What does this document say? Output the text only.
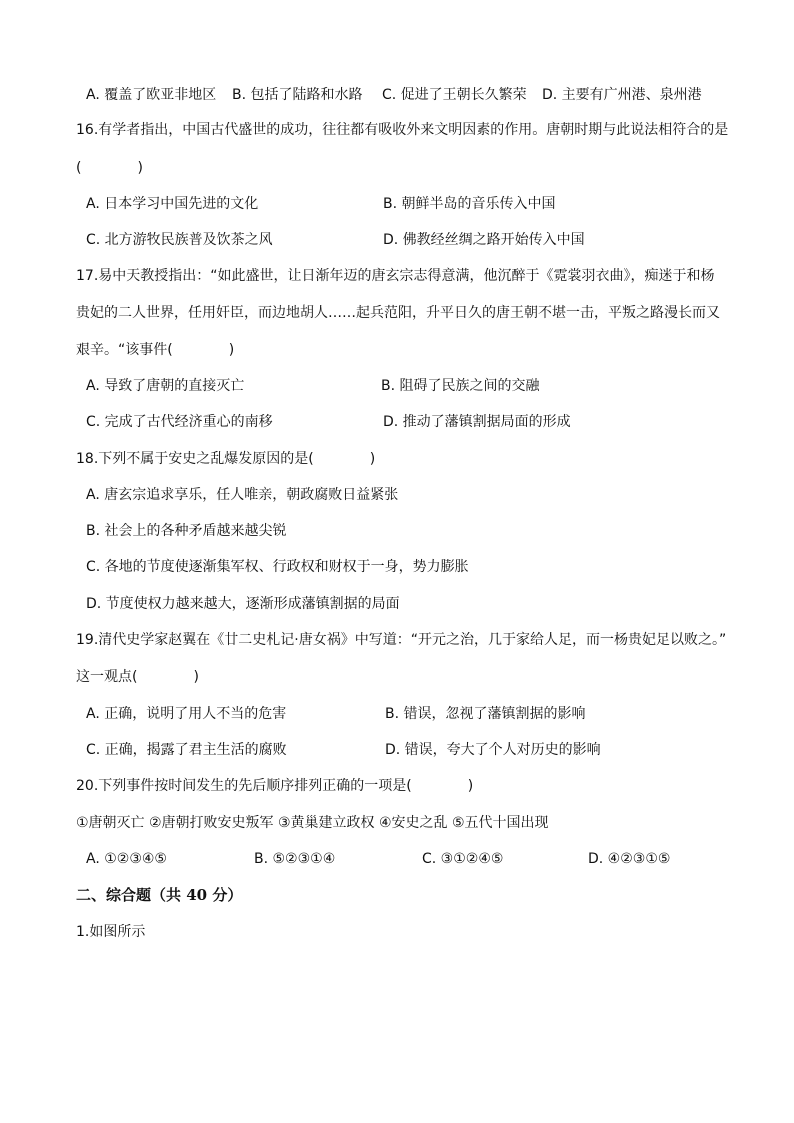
A. 覆盖了欧亚非地区 B. 包括了陆路和水路 C. 促进了王朝长久繁荣 D. 主要有广州港、泉州港
16.有学者指出，中国古代盛世的成功，往往都有吸收外来文明因素的作用。唐朝时期与此说法相符合的是
(　　　　)
A. 日本学习中国先进的文化	B. 朝鲜半岛的音乐传入中国
C. 北方游牧民族普及饮茶之风	D. 佛教经丝绸之路开始传入中国
17.易中天教授指出：“如此盛世，让日渐年迈的唐玄宗志得意满，他沉醉于《霓裳羽衣曲》，痴迷于和杨
贵妃的二人世界，任用奸臣，而边地胡人……起兵范阳，升平日久的唐王朝不堪一击，平叛之路漫长而又
艰辛。“该事件(　　　　)
A. 导致了唐朝的直接灭亡	B. 阻碍了民族之间的交融
C. 完成了古代经济重心的南移	D. 推动了藩镇割据局面的形成
18.下列不属于安史之乱爆发原因的是(　　　　)
A. 唐玄宗追求享乐，任人唯亲，朝政腐败日益紧张
B. 社会上的各种矛盾越来越尖锐
C. 各地的节度使逐渐集军权、行政权和财权于一身，势力膨胀
D. 节度使权力越来越大，逐渐形成藩镇割据的局面
19.清代史学家赵翼在《廿二史札记·唐女祸》中写道：“开元之治，几于家给人足，而一杨贵妃足以败之。”
这一观点(　　　　)
A. 正确，说明了用人不当的危害	B. 错误，忽视了藩镇割据的影响
C. 正确，揭露了君主生活的腐败	D. 错误，夸大了个人对历史的影响
20.下列事件按时间发生的先后顺序排列正确的一项是(　　　　)
①唐朝灭亡 ②唐朝打败安史叛军 ③黄巢建立政权 ④安史之乱 ⑤五代十国出现
A. ①②③④⑤	B. ⑤②③①④	C. ③①②④⑤	D. ④②③①⑤
二、综合题（共 40 分）
1.如图所示
